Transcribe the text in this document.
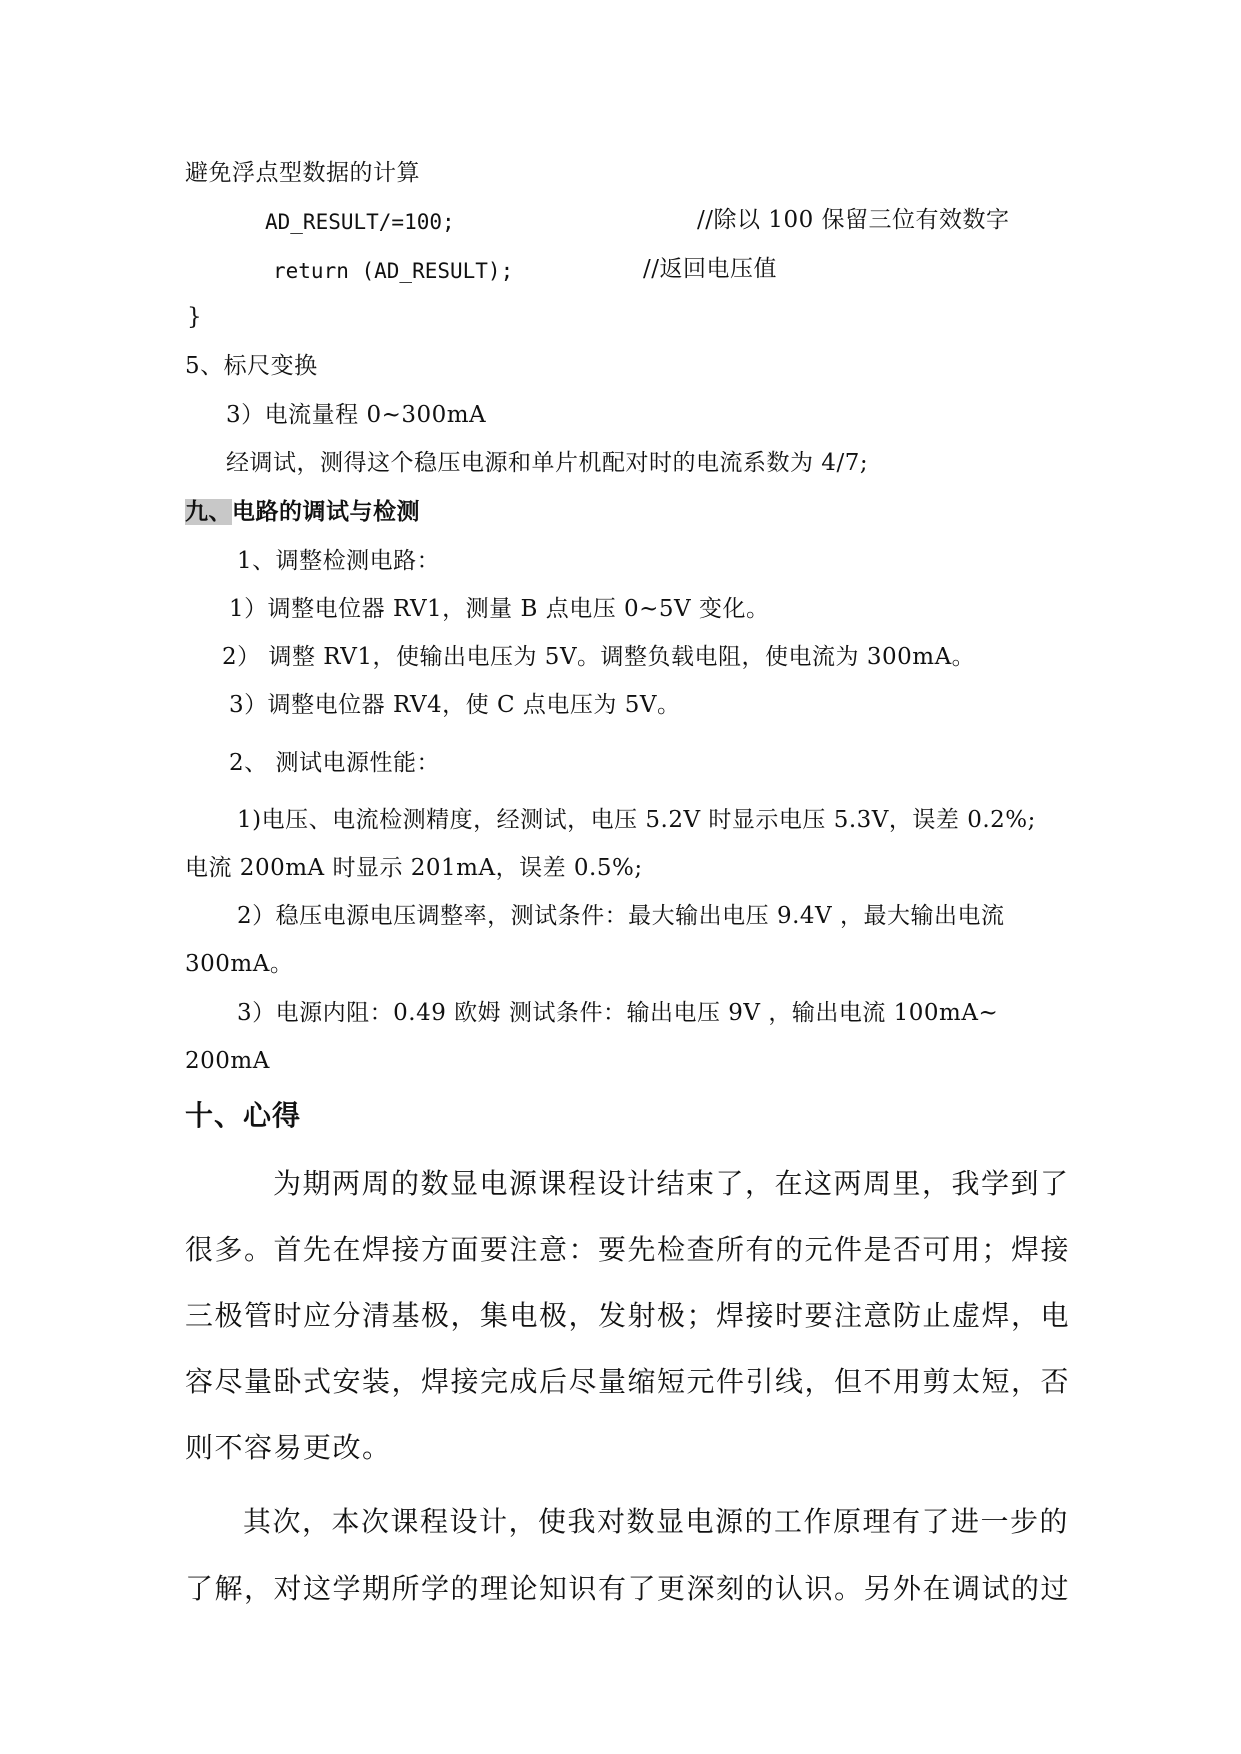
避免浮点型数据的计算
AD_RESULT/=100;	//除以 100 保留三位有效数字
return (AD_RESULT);	//返回电压值
}
5、标尺变换
3）电流量程 0~300mA
经调试，测得这个稳压电源和单片机配对时的电流系数为 4/7;
九、电路的调试与检测
1、调整检测电路：
1）调整电位器 RV1，测量 B 点电压 0~5V 变化。
2） 调整 RV1，使输出电压为 5V。调整负载电阻，使电流为 300mA。
3）调整电位器 RV4，使 C 点电压为 5V。
2、 测试电源性能：
1)电压、电流检测精度，经测试，电压 5.2V 时显示电压 5.3V，误差 0.2%;
电流 200mA 时显示 201mA，误差 0.5%;
2）稳压电源电压调整率，测试条件：最大输出电压 9.4V ，最大输出电流
300mA。
3）电源内阻：0.49 欧姆 测试条件：输出电压 9V ，输出电流 100mA~
200mA
十、心得
为期两周的数显电源课程设计结束了，在这两周里，我学到了
很多。首先在焊接方面要注意：要先检查所有的元件是否可用；焊接
三极管时应分清基极，集电极，发射极；焊接时要注意防止虚焊，电
容尽量卧式安装，焊接完成后尽量缩短元件引线，但不用剪太短，否
则不容易更改。
其次，本次课程设计，使我对数显电源的工作原理有了进一步的
了解，对这学期所学的理论知识有了更深刻的认识。另外在调试的过
